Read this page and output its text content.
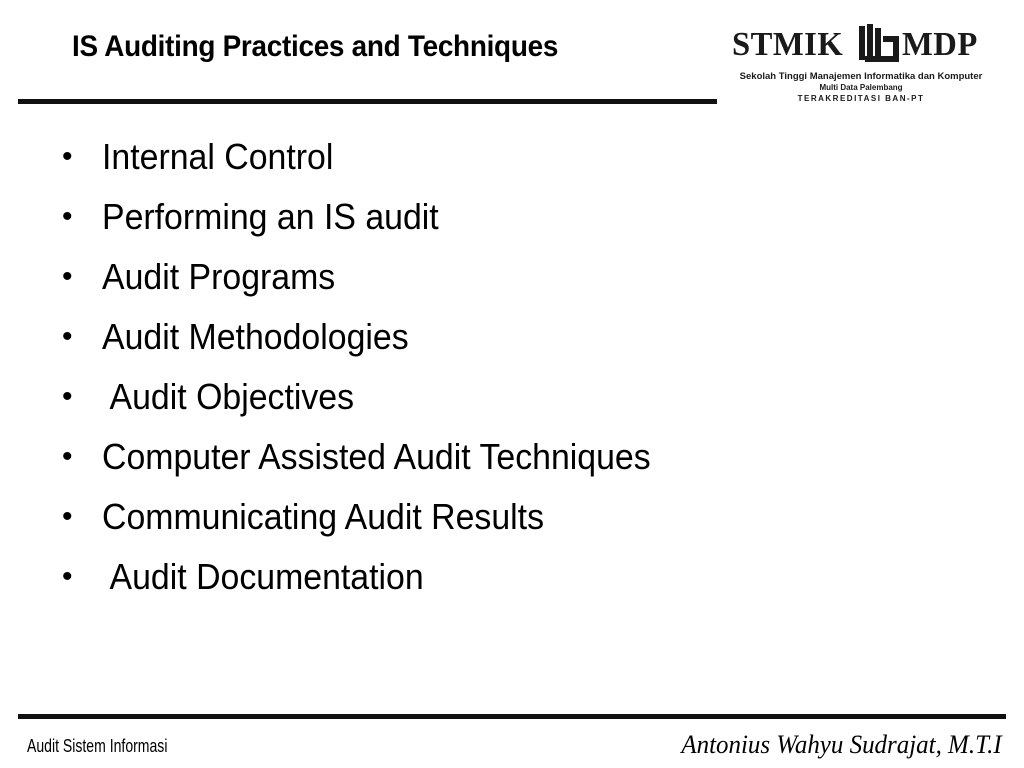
IS Auditing Practices and Techniques	STMIK MDP
Sekolah Tinggi Manajemen Informatika dan Komputer
Multi Data Palembang
TERAKREDITASI BAN-PT
• Internal Control
• Performing an IS audit
• Audit Programs
• Audit Methodologies
• Audit Objectives
• Computer Assisted Audit Techniques
• Communicating Audit Results
• Audit Documentation
Audit Sistem Informasi	Antonius Wahyu Sudrajat, M.T.I
